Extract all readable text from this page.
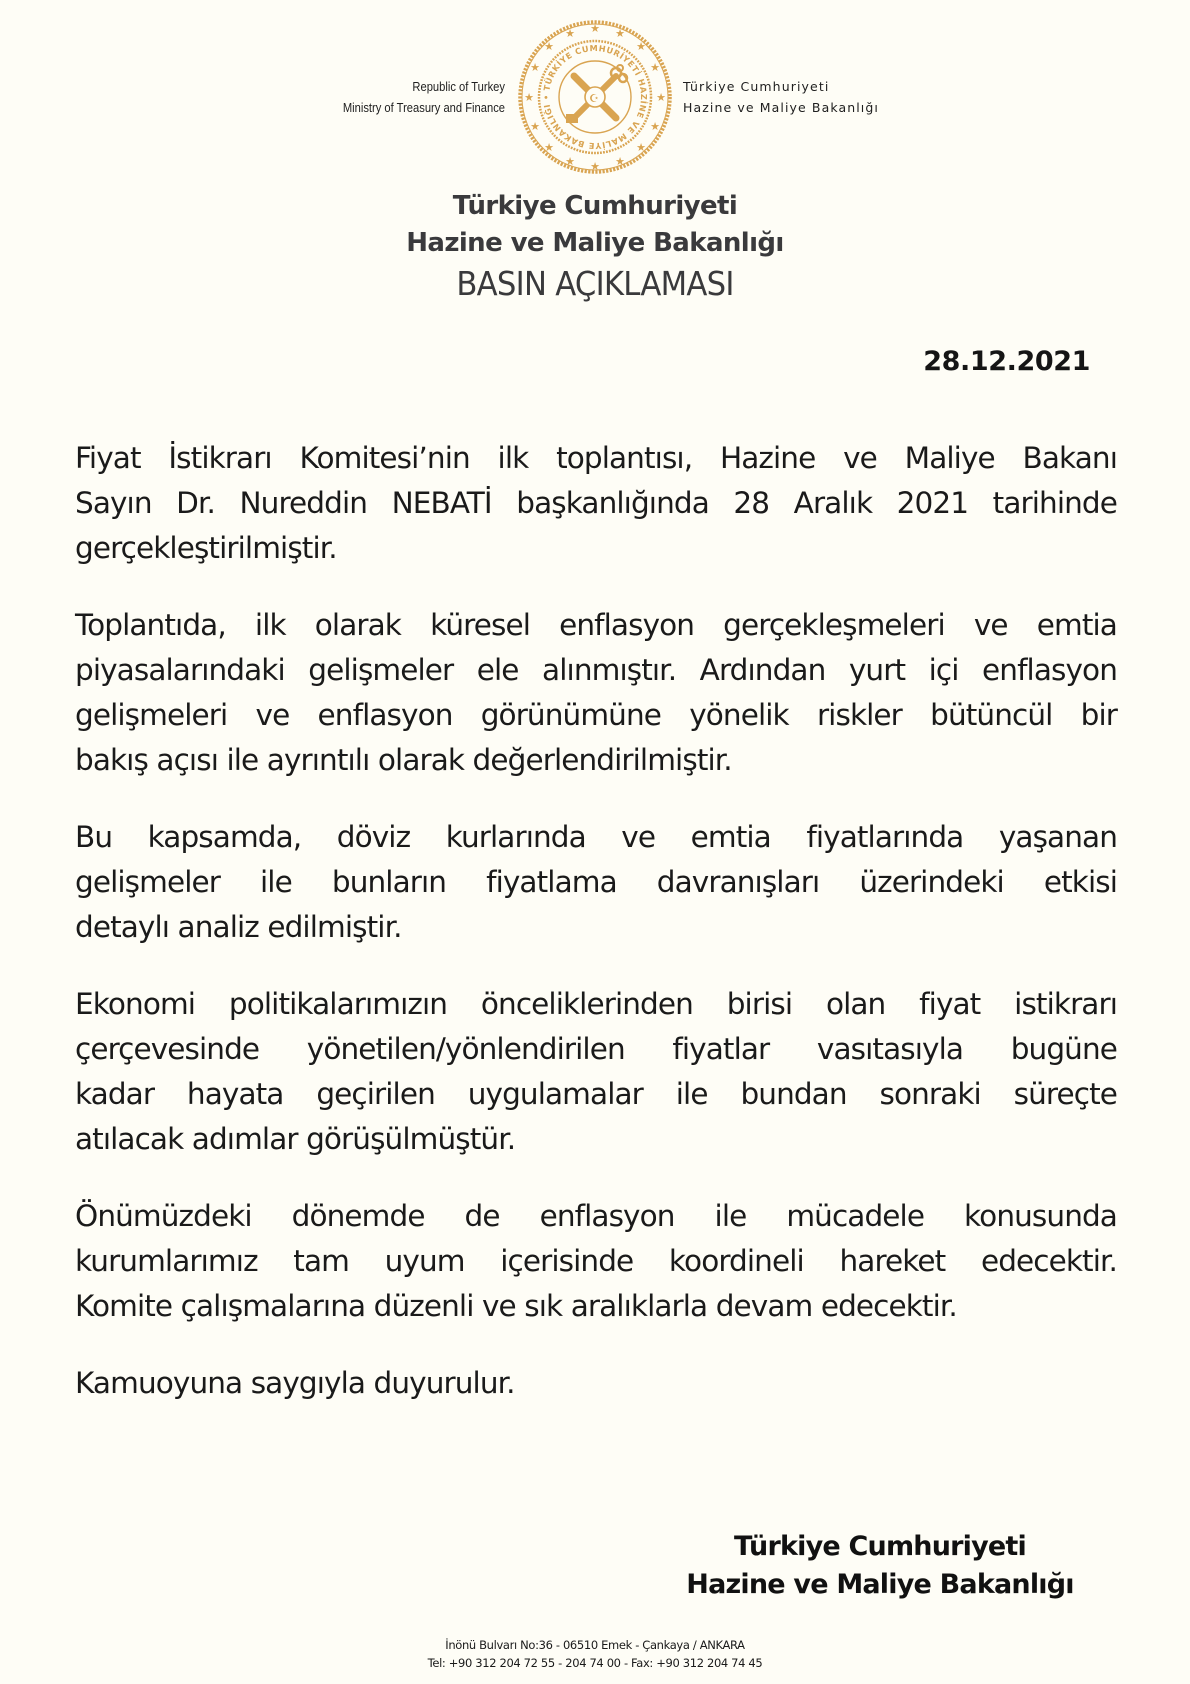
Republic of Turkey
Ministry of Treasury and Finance
★ ★
★
★
★
★
★
★
★
★
★
★
★
★
★
★
TÜRKİYE CUMHURİYETİ HAZİNE VE MALİYE BAKANLIĞI •	☪
Türkiye Cumhuriyeti
Hazine ve Maliye Bakanlığı
Türkiye Cumhuriyeti
Hazine ve Maliye Bakanlığı
BASIN AÇIKLAMASI
28.12.2021

Fiyat İstikrarı Komitesi’nin ilk toplantısı, Hazine ve Maliye Bakanı
Sayın Dr. Nureddin NEBATİ başkanlığında 28 Aralık 2021 tarihinde
gerçekleştirilmiştir.

Toplantıda, ilk olarak küresel enflasyon gerçekleşmeleri ve emtia
piyasalarındaki gelişmeler ele alınmıştır. Ardından yurt içi enflasyon
gelişmeleri ve enflasyon görünümüne yönelik riskler bütüncül bir
bakış açısı ile ayrıntılı olarak değerlendirilmiştir.

Bu kapsamda, döviz kurlarında ve emtia fiyatlarında yaşanan
gelişmeler ile bunların fiyatlama davranışları üzerindeki etkisi
detaylı analiz edilmiştir.

Ekonomi politikalarımızın önceliklerinden birisi olan fiyat istikrarı
çerçevesinde yönetilen/yönlendirilen fiyatlar vasıtasıyla bugüne
kadar hayata geçirilen uygulamalar ile bundan sonraki süreçte
atılacak adımlar görüşülmüştür.

Önümüzdeki dönemde de enflasyon ile mücadele konusunda
kurumlarımız tam uyum içerisinde koordineli hareket edecektir.
Komite çalışmalarına düzenli ve sık aralıklarla devam edecektir.

Kamuoyuna saygıyla duyurulur.

Türkiye Cumhuriyeti
Hazine ve Maliye Bakanlığı
İnönü Bulvarı No:36 - 06510 Emek - Çankaya / ANKARA
Tel: +90 312 204 72 55 - 204 74 00 - Fax: +90 312 204 74 45
